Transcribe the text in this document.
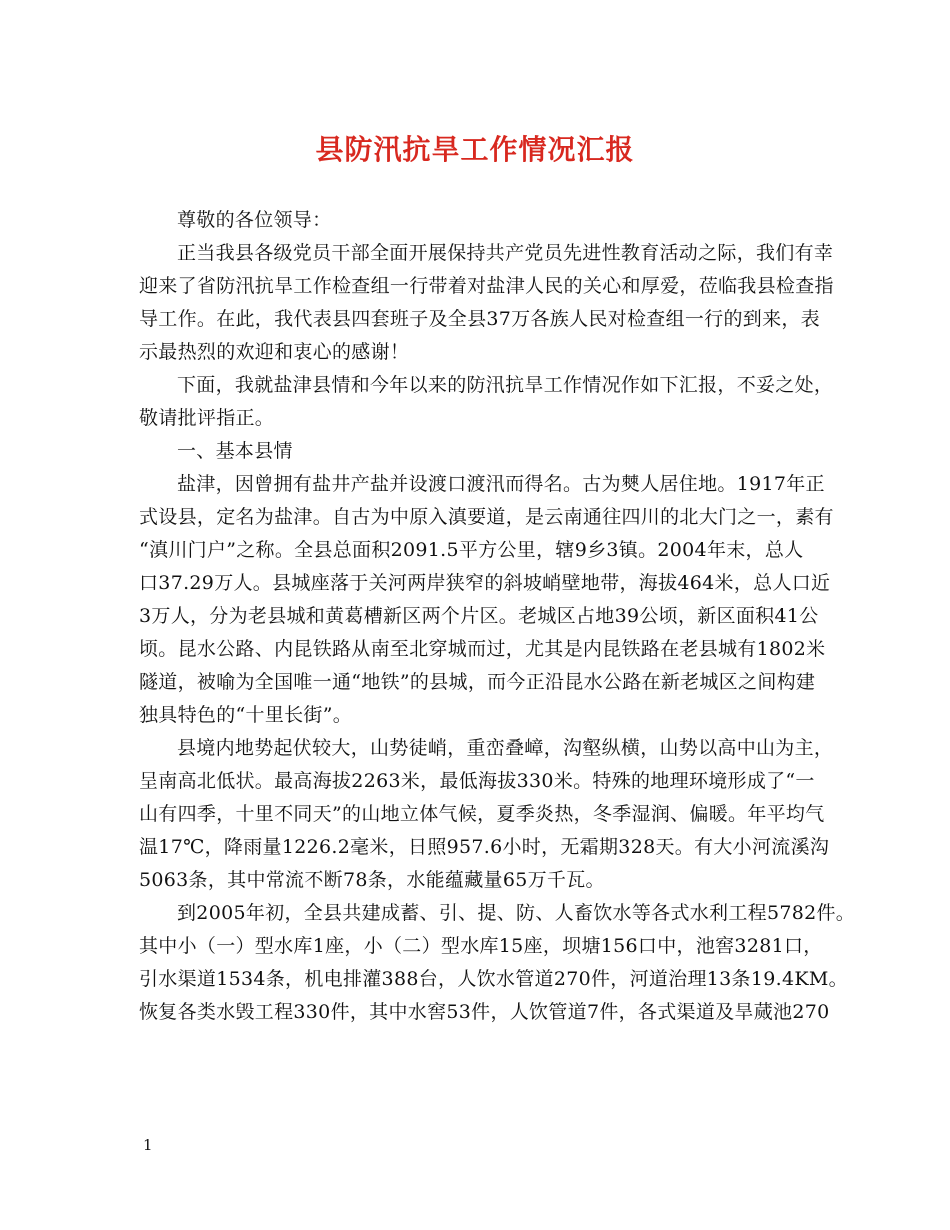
县防汛抗旱工作情况汇报
尊敬的各位领导：
正当我县各级党员干部全面开展保持共产党员先进性教育活动之际，我们有幸
迎来了省防汛抗旱工作检查组一行带着对盐津人民的关心和厚爱，莅临我县检查指
导工作。在此，我代表县四套班子及全县37万各族人民对检查组一行的到来，表
示最热烈的欢迎和衷心的感谢！
下面，我就盐津县情和今年以来的防汛抗旱工作情况作如下汇报，不妥之处，
敬请批评指正。
一、基本县情
盐津，因曾拥有盐井产盐并设渡口渡汛而得名。古为僰人居住地。1917年正
式设县，定名为盐津。自古为中原入滇要道，是云南通往四川的北大门之一，素有
“滇川门户”之称。全县总面积2091.5平方公里，辖9乡3镇。2004年末，总人
口37.29万人。县城座落于关河两岸狭窄的斜坡峭壁地带，海拔464米，总人口近
3万人，分为老县城和黄葛槽新区两个片区。老城区占地39公顷，新区面积41公
顷。昆水公路、内昆铁路从南至北穿城而过，尤其是内昆铁路在老县城有1802米
隧道，被喻为全国唯一通“地铁”的县城，而今正沿昆水公路在新老城区之间构建
独具特色的“十里长街”。
县境内地势起伏较大，山势徒峭，重峦叠嶂，沟壑纵横，山势以高中山为主，
呈南高北低状。最高海拔2263米，最低海拔330米。特殊的地理环境形成了“一
山有四季，十里不同天”的山地立体气候，夏季炎热，冬季湿润、偏暖。年平均气
温17℃，降雨量1226.2毫米，日照957.6小时，无霜期328天。有大小河流溪沟
5063条，其中常流不断78条，水能蕴藏量65万千瓦。
到2005年初，全县共建成蓄、引、提、防、人畜饮水等各式水利工程5782件。
其中小（一）型水库1座，小（二）型水库15座，坝塘156口中，池窖3281口，
引水渠道1534条，机电排灌388台，人饮水管道270件，河道治理13条19.4KM。
恢复各类水毁工程330件，其中水窖53件，人饮管道7件，各式渠道及旱蒇池270
1
